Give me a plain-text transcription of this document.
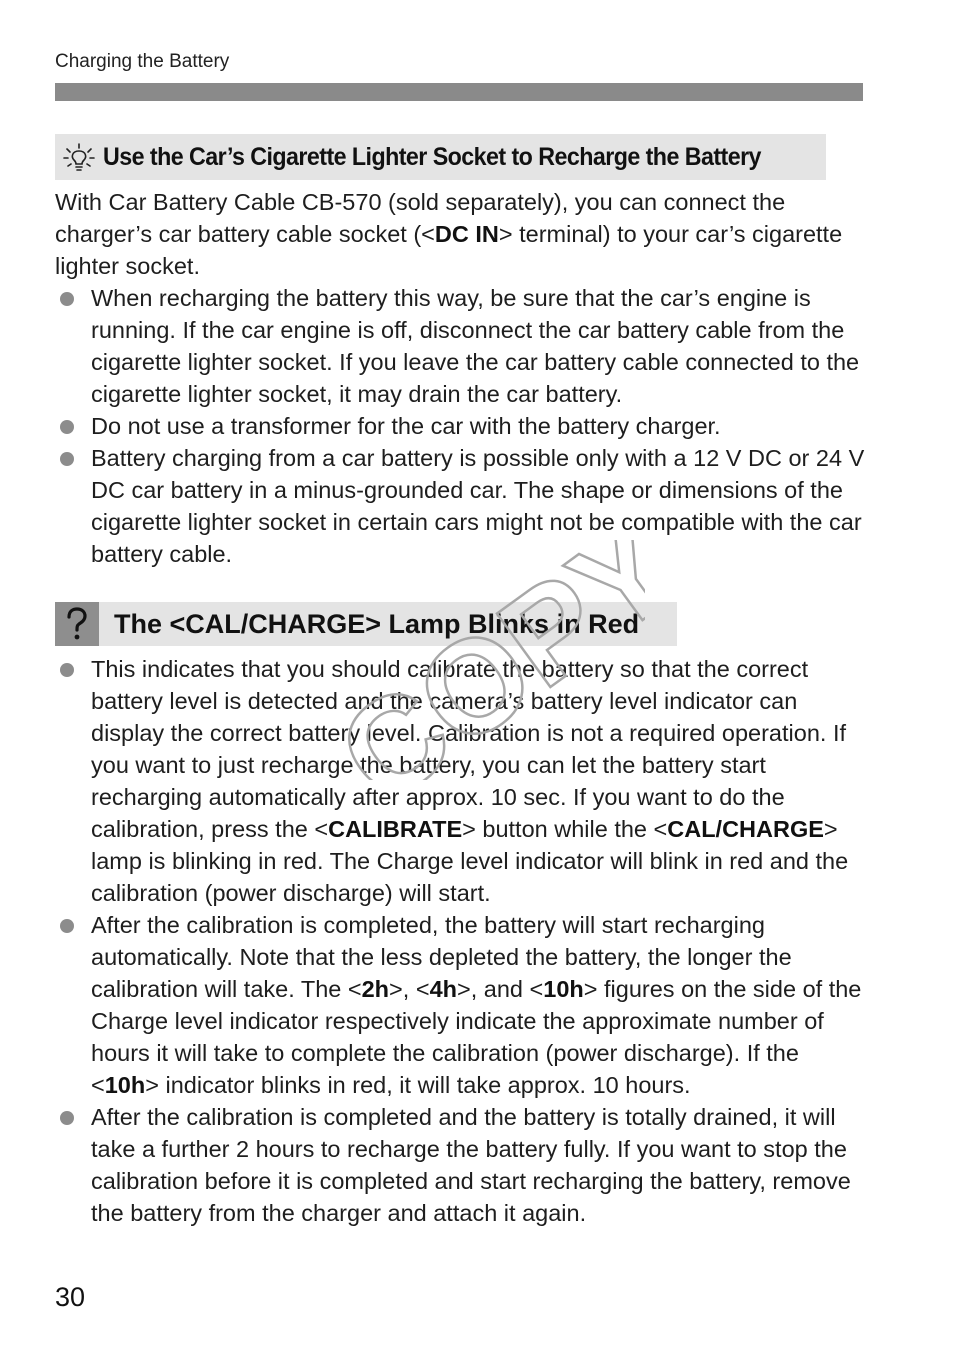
Charging the Battery
Use the Car’s Cigarette Lighter Socket to Recharge the Battery
With Car Battery Cable CB-570 (sold separately), you can connect the charger’s car battery cable socket (<DC IN> terminal) to your car’s cigarette lighter socket.
When recharging the battery this way, be sure that the car’s engine is running. If the car engine is off, disconnect the car battery cable from the cigarette lighter socket. If you leave the car battery cable connected to the cigarette lighter socket, it may drain the car battery.
Do not use a transformer for the car with the battery charger.
Battery charging from a car battery is possible only with a 12 V DC or 24 V DC car battery in a minus-grounded car. The shape or dimensions of the cigarette lighter socket in certain cars might not be compatible with the car battery cable.
The <CAL/CHARGE> Lamp Blinks in Red
This indicates that you should calibrate the battery so that the correct battery level is detected and the camera’s battery level indicator can display the correct battery level. Calibration is not a required operation. If you want to just recharge the battery, you can let the battery start recharging automatically after approx. 10 sec. If you want to do the calibration, press the <CALIBRATE> button while the <CAL/CHARGE> lamp is blinking in red. The Charge level indicator will blink in red and the calibration (power discharge) will start.
After the calibration is completed, the battery will start recharging automatically. Note that the less depleted the battery, the longer the calibration will take. The <2h>, <4h>, and <10h> figures on the side of the Charge level indicator respectively indicate the approximate number of hours it will take to complete the calibration (power discharge). If the <10h> indicator blinks in red, it will take approx. 10 hours.
After the calibration is completed and the battery is totally drained, it will take a further 2 hours to recharge the battery fully. If you want to stop the calibration before it is completed and start recharging the battery, remove the battery from the charger and attach it again.
COPY
30
